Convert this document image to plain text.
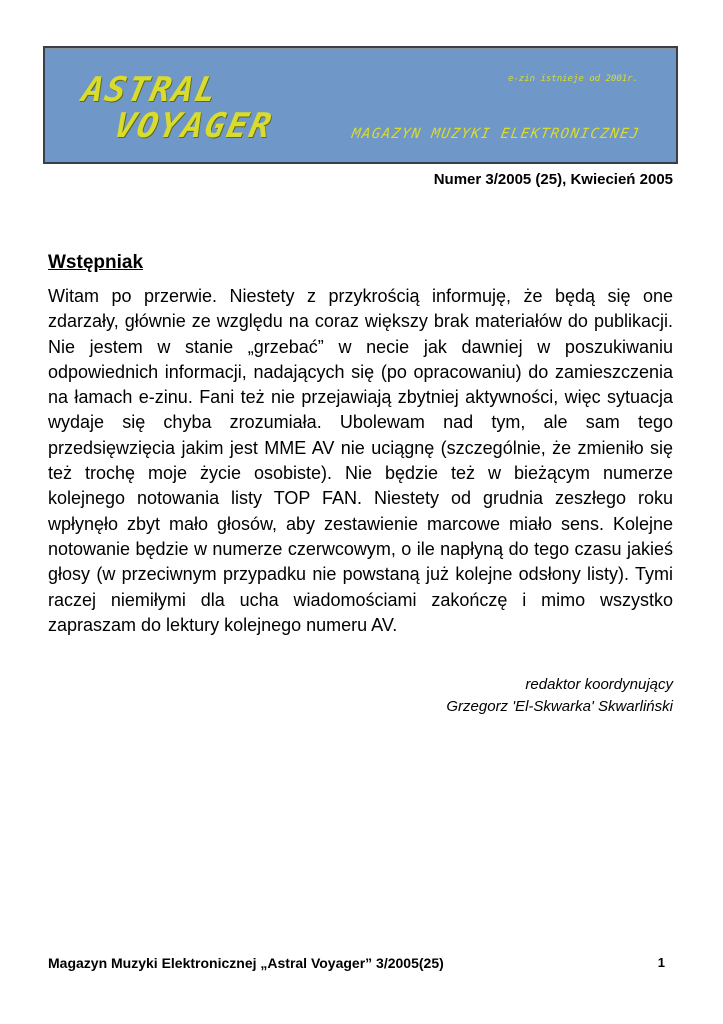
ASTRAL
VOYAGER
e-zin istnieje od 2001r.
MAGAZYN MUZYKI ELEKTRONICZNEJ
Numer 3/2005 (25), Kwiecień 2005
Wstępniak

Witam po przerwie. Niestety z przykrością informuję, że będą się one zdarzały, głównie ze względu na coraz większy brak materiałów do publikacji. Nie jestem w stanie „grzebać” w necie jak dawniej w poszukiwaniu odpowiednich informacji, nadających się (po opracowaniu) do zamieszczenia na łamach e-zinu. Fani też nie przejawiają zbytniej aktywności, więc sytuacja wydaje się chyba zrozumiała. Ubolewam nad tym, ale sam tego przedsięwzięcia jakim jest MME AV nie uciągnę (szczególnie, że zmieniło się też trochę moje życie osobiste). Nie będzie też w bieżącym numerze kolejnego notowania listy TOP FAN. Niestety od grudnia zeszłego roku wpłynęło zbyt mało głosów, aby zestawienie marcowe miało sens. Kolejne notowanie będzie w numerze czerwcowym, o ile napłyną do tego czasu jakieś głosy (w przeciwnym przypadku nie powstaną już kolejne odsłony listy). Tymi raczej niemiłymi dla ucha wiadomościami zakończę i mimo wszystko zapraszam do lektury kolejnego numeru AV.

redaktor koordynujący
Grzegorz 'El-Skwarka' Skwarliński
Magazyn Muzyki Elektronicznej „Astral Voyager” 3/2005(25)	1
